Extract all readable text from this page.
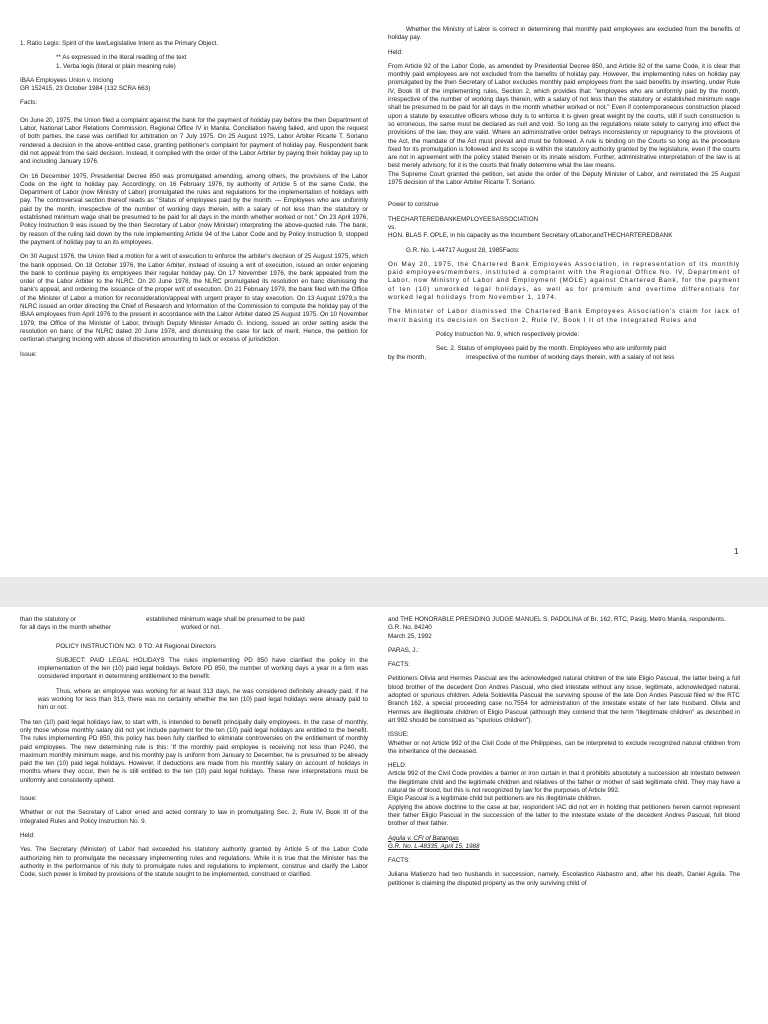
1. Ratio Legis: Spirit of the law/Legislative Intent as the Primary Object.

** As expressed in the literal reading of the text

1. Verba legis (literal or plain meaning rule)

IBAA Employees Union v. Inciong

GR 152415, 23 October 1984 (132 SCRA 663)

Facts:

On June 20, 1975, the Union filed a complaint against the bank for the payment of holiday pay before the then Department of Labor, National Labor Relations Commission, Regional Office IV in Manila. Conciliation having failed, and upon the request of both parties, the case was certified for arbitration on 7 July 1975. On 25 August 1975, Labor Arbiter Ricarte T. Soriano rendered a decision in the above-entitled case, granting petitioner's complaint for payment of holiday pay. Respondent bank did not appeal from the said decision. Instead, it complied with the order of the Labor Arbiter by paying their holiday pay up to and including January 1976.

On 16 December 1975, Presidential Decree 850 was promulgated amending, among others, the provisions of the Labor Code on the right to holiday pay. Accordingly, on 16 February 1976, by authority of Article 5 of the same Code, the Department of Labor (now Ministry of Labor) promulgated the rules and regulations for the implementation of holidays with pay. The controversial section thereof reads as "Status of employees paid by the month. — Employees who are uniformly paid by the month, irrespective of the number of working days therein, with a salary of not less than the statutory or established minimum wage shall be presumed to be paid for all days in the month whether worked or not." On 23 April 1976, Policy Instruction 9 was issued by the then Secretary of Labor (now Minister) interpreting the above-quoted rule. The bank, by reason of the ruling laid down by the rule implementing Article 94 of the Labor Code and by Policy Instruction 9, stopped the payment of holiday pay to an its employees.

On 30 August 1976, the Union filed a motion for a writ of execution to enforce the arbiter's decision of 25 August 1975, which the bank opposed. On 18 October 1976, the Labor Arbiter, instead of issuing a writ of execution, issued an order enjoining the bank to continue paying its employees their regular holiday pay. On 17 November 1976, the bank appealed from the order of the Labor Arbiter to the NLRC. On 20 June 1978, the NLRC promulgated its resolution en banc dismissing the bank's appeal, and ordering the issuance of the proper writ of execution. On 21 February 1979, the bank filed with the Office of the Minister of Labor a motion for reconsideration/appeal with urgent prayer to stay execution. On 13 August 1979,s the NLRC issued an order directing the Chief of Research and Information of the Commission to compute the holiday pay of the IBAA employees from April 1976 to the present in accordance with the Labor Arbiter dated 25 August 1975. On 10 November 1979, the Office of the Minister of Labor, through Deputy Minister Amado G. Inciong, issued an order setting aside the resolution en banc of the NLRC dated 20 June 1978, and dismissing the case for lack of merit. Hence, the petition for certiorari charging Inciong with abuse of discretion amounting to lack or excess of jurisdiction.

Issue:

Whether the Ministry of Labor is correct in determining that monthly paid employees are excluded from the benefits of holiday pay.

Held:

From Article 92 of the Labor Code, as amended by Presidential Decree 850, and Article 82 of the same Code, it is clear that monthly paid employees are not excluded from the benefits of holiday pay. However, the implementing rules on holiday pay promulgated by the then Secretary of Labor excludes monthly paid employees from the said benefits by inserting, under Rule IV, Book III of the implementing rules, Section 2, which provides that: "employees who are uniformly paid by the month, irrespective of the number of working days therein, with a salary of not less than the statutory or established minimum wage shall be presumed to be paid for all days in the month whether worked or not." Even if contemporaneous construction placed upon a statute by executive officers whose duty is to enforce it is given great weight by the courts, still if such construction is so erroneous, the same must be declared as null and void. So long as the regulations relate solely to carrying into effect the provisions of the law, they are valid. Where an administrative order betrays inconsistency or repugnancy to the provisions of the Act, the mandate of the Act must prevail and must be followed. A rule is binding on the Courts so long as the procedure fixed for its promulgation is followed and its scope is within the statutory authority granted by the legislature, even if the courts are not in agreement with the policy stated therein or its innate wisdom. Further, administrative interpretation of the law is at best merely advisory, for it is the courts that finally determine what the law means.

The Supreme Court granted the petition, set aside the order of the Deputy Minister of Labor, and reinstated the 25 August 1975 decision of the Labor Arbiter Ricarte T. Soriano.

Power to construe

THECHARTEREDBANKEMPLOYEESASSOCIATION

vs.

HON. BLAS F. OPLE, in his capacity as the Incumbent Secretary ofLabor,andTHECHARTEREDBANK

G.R. No. L-44717 August 28, 1985Facts:

On May 20, 1975, the Chartered Bank Employees Association, in representation of its monthly paid employees/members, instituted a complaint with the Regional Office No. IV, Department of Labor, now Ministry of Labor and Employment (MOLE) against Chartered Bank, for the payment of ten (10) unworked legal holidays, as well as for premium and overtime differentials for worked legal holidays from November 1, 1974.

The Minister of Labor dismissed the Chartered Bank Employees Association's claim for lack of merit basing its decision on Section 2, Rule IV, Book I II of the Integrated Rules and

Policy Instruction No. 9, which respectively provide:

Sec. 2. Status of employees paid by the month. Employees who are uniformly paid

by the month,	irrespective of the number of working days therein, with a salary of not less

1

than the statutory or	established minimum wage shall be presumed to be paid

for all days in the month whether	worked or not.

POLICY INSTRUCTION NO. 9 TO: All Regional Directors

SUBJECT: PAID LEGAL HOLIDAYS The rules implementing PD 850 have clarified the policy in the implementation of the ten (10) paid legal holidays. Before PD 850, the number of working days a year in a firm was considered important in determining entitlement to the benefit.

Thus, where an employee was working for at least 313 days, he was considered definitely already paid. If he was working for less than 313, there was no certainty whether the ten (10) paid legal holidays were already paid to him or not.

The ten (10) paid legal holidays law, to start with, is intended to benefit principally daily employees. In the case of monthly, only those whose monthly salary did not yet include payment for the ten (10) paid legal holidays are entitled to the benefit. The rules implementing PD 850, this policy has been fully clarified to eliminate controversies on the entitlement of monthly paid employees. The new determining rule is this: 'If the monthly paid employee is receiving not less than P240, the maximum monthly minimum wage, and his monthly pay is uniform from January to December, he is presumed to be already paid the ten (10) paid legal holidays. However, if deductions are made from his monthly salary on account of holidays in months where they occur, then he is still entitled to the ten (10) paid legal holidays. These new interpretations must be uniformly and consistently upheld.

Issue:

Whether or not the Secretary of Labor erred and acted contrary to law in promulgating Sec. 2, Rule IV, Book III of the Integrated Rules and Policy Instruction No. 9.

Held:

Yes. The Secretary (Minister) of Labor had exceeded his statutory authority granted by Article 5 of the Labor Code authorizing him to promulgate the necessary implementing rules and regulations. While it is true that the Minister has the authority in the performance of his duty to promulgate rules and regulations to implement, construe and clarify the Labor Code, such power is limited by provisions of the statute sought to be implemented, construed or clarified.

and THE HONORABLE PRESIDING JUDGE MANUEL S. PADOLINA of Br. 162, RTC, Pasig, Metro Manila, respondents.

G.R. No. 84240

March 25, 1992

PARAS, J.:

FACTS:

Petitioners Olivia and Hermes Pascual are the acknowledged natural children of the late Eligio Pascual, the latter being a full blood brother of the decedent Don Andres Pascual, who died intestate without any issue, legitimate, acknowledged natural, adopted or spurious children. Adela Soldevilla Pascual the surviving spouse of the late Don Andes Pascual filed w/ the RTC Branch 162, a special proceeding case no.7554 for administration of the intestate estate of her late husband. Olivia and Hermes are illegitimate children of Eligio Pascual (although they contend that the term "illegitimate children" as described in art 992 should be construed as "spurious children").

ISSUE:

Whether or not Article 992 of the Civil Code of the Philippines, can be interpreted to exclude recognized natural children from the inheritance of the deceased.

HELD:

Article 992 of the Civil Code provides a barrier or iron curtain in that it prohibits absolutely a succession ab intestato between the illegitimate child and the legitimate children and relatives of the father or mother of said legitimate child. They may have a natural tie of blood, but this is not recognized by law for the purposes of Article 992.

Eligio Pascual is a legitimate child but petitioners are his illegitimate children.

Applying the above doctrine to the case at bar, respondent IAC did not err in holding that petitioners herein cannot represent their father Eligio Pascual in the succession of the latter to the intestate estate of the decedent Andres Pascual, full blood brother of their father.

Aguila v. CFI of Batangas

G.R. No. L-48335, April 15, 1988

FACTS:

Juliana Matienzo had two husbands in succession, namely, Escolastico Alabastro and, after his death, Daniel Aguila. The petitioner is claiming the disputed property as the only surviving child of
